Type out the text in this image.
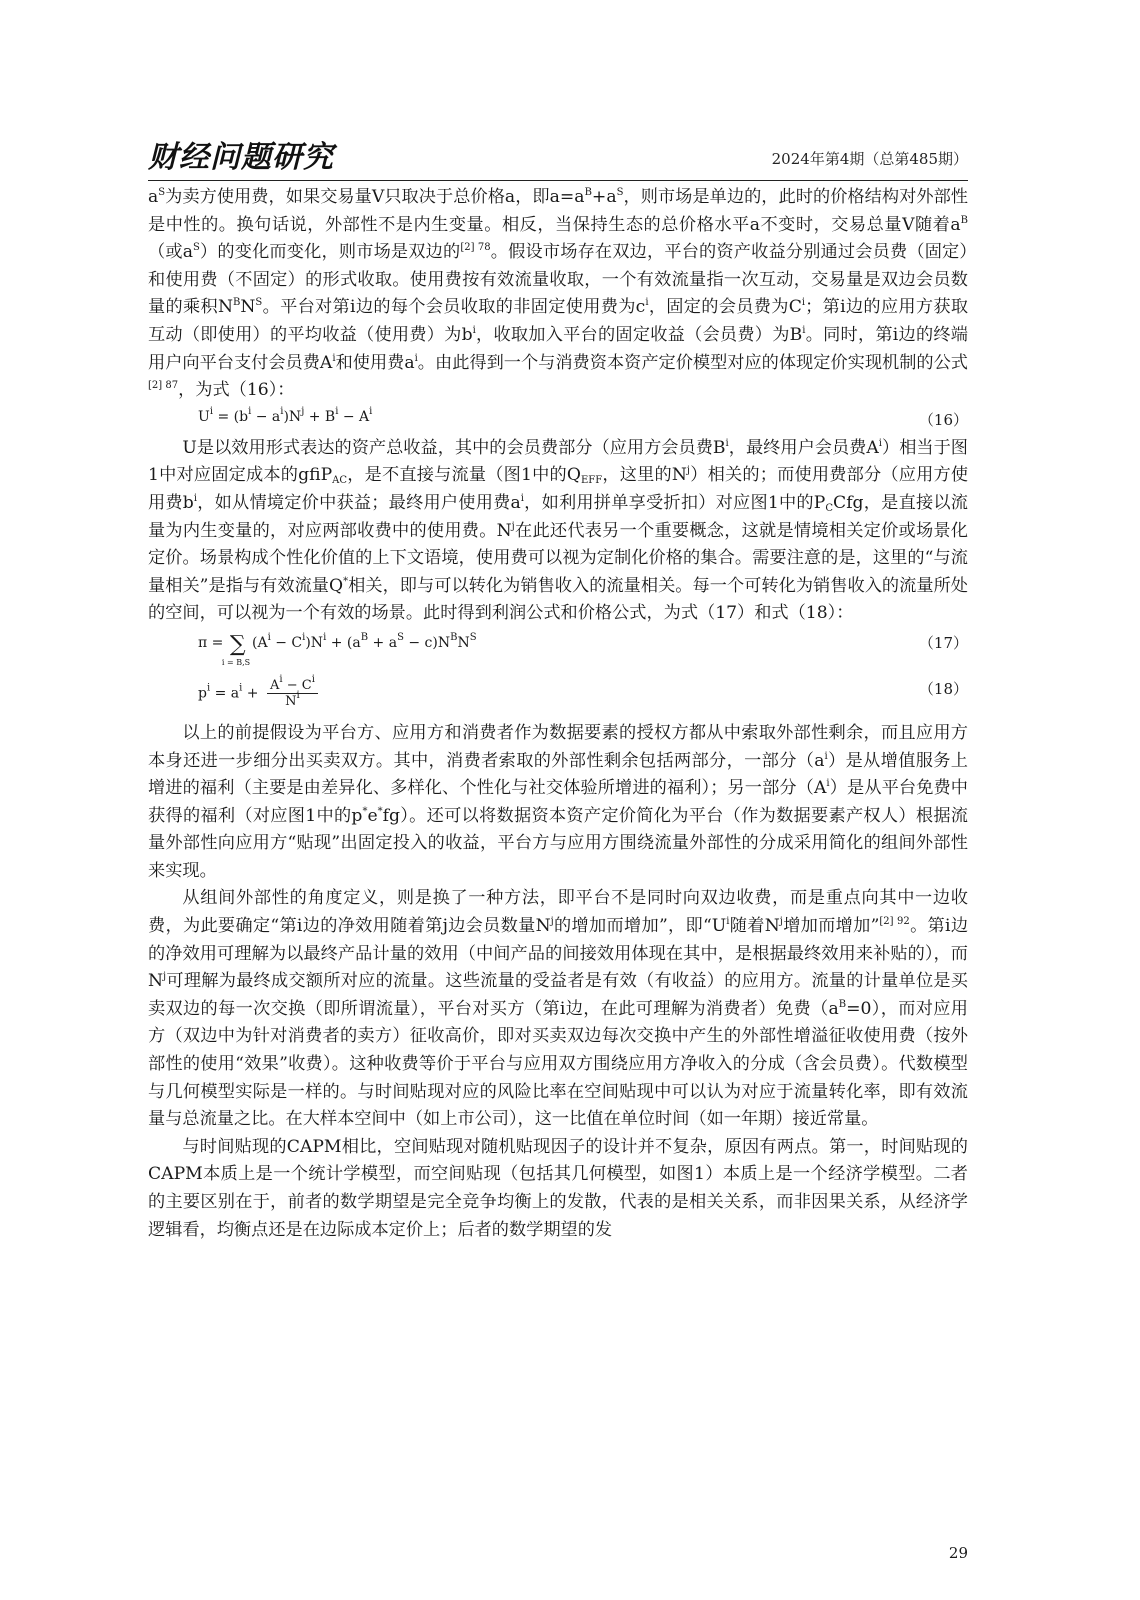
财经问题研究	2024年第4期（总第485期）

$a^S$为卖方使用费，如果交易量V只取决于总价格a，即$a=a^B+a^S$，则市场是单边的，此时的价格结构对外部性是中性的。换句话说，外部性不是内生变量。相反，当保持生态的总价格水平a不变时，交易总量V随着$a^B$（或$a^S$）的变化而变化，则市场是双边的$^{[2] 78}$。假设市场存在双边，平台的资产收益分别通过会员费（固定）和使用费（不固定）的形式收取。使用费按有效流量收取，一个有效流量指一次互动，交易量是双边会员数量的乘积$N^BN^S$。平台对第i边的每个会员收取的非固定使用费为$c^i$，固定的会员费为$C^i$；第i边的应用方获取互动（即使用）的平均收益（使用费）为$b^i$，收取加入平台的固定收益（会员费）为$B^i$。同时，第i边的终端用户向平台支付会员费$A^i$和使用费$a^i$。由此得到一个与消费资本资产定价模型对应的体现定价实现机制的公式$^{[2] 87}$，为式（16）：

$U^i = (b^i - a^i)N^j + B^i - A^i$	（16）

U是以效用形式表达的资产总收益，其中的会员费部分（应用方会员费$B^i$，最终用户会员费$A^i$）相当于图1中对应固定成本的gfiP$_{AC}$，是不直接与流量（图1中的$Q_{EFF}$，这里的$N^j$）相关的；而使用费部分（应用方使用费$b^i$，如从情境定价中获益；最终用户使用费$a^i$，如利用拼单享受折扣）对应图1中的$P_CCfg$，是直接以流量为内生变量的，对应两部收费中的使用费。$N^j$在此还代表另一个重要概念，这就是情境相关定价或场景化定价。场景构成个性化价值的上下文语境，使用费可以视为定制化价格的集合。需要注意的是，这里的“与流量相关”是指与有效流量Q*相关，即与可以转化为销售收入的流量相关。每一个可转化为销售收入的流量所处的空间，可以视为一个有效的场景。此时得到利润公式和价格公式，为式（17）和式（18）：

π = ∑
i = B,S
$(A^i - C^i)N^i + (a^B + a^S - c)N^BN^S$	（17）
$p^i = a^i + \frac{A^i - C^i}{N^i}$	（18）

以上的前提假设为平台方、应用方和消费者作为数据要素的授权方都从中索取外部性剩余，而且应用方本身还进一步细分出买卖双方。其中，消费者索取的外部性剩余包括两部分，一部分$(a^i)$是从增值服务上增进的福利（主要是由差异化、多样化、个性化与社交体验所增进的福利）；另一部分$(A^i)$是从平台免费中获得的福利（对应图1中的p*e*fg）。还可以将数据资本资产定价简化为平台（作为数据要素产权人）根据流量外部性向应用方“贴现”出固定投入的收益，平台方与应用方围绕流量外部性的分成采用简化的组间外部性来实现。

从组间外部性的角度定义，则是换了一种方法，即平台不是同时向双边收费，而是重点向其中一边收费，为此要确定“第i边的净效用随着第j边会员数量$N^j$的增加而增加”，即“$U^i$随着$N^j$增加而增加”$^{[2] 92}$。第i边的净效用可理解为以最终产品计量的效用（中间产品的间接效用体现在其中，是根据最终效用来补贴的），而$N^j$可理解为最终成交额所对应的流量。这些流量的受益者是有效（有收益）的应用方。流量的计量单位是买卖双边的每一次交换（即所谓流量），平台对买方（第i边，在此可理解为消费者）免费$(a^B=0)$，而对应用方（双边中为针对消费者的卖方）征收高价，即对买卖双边每次交换中产生的外部性增溢征收使用费（按外部性的使用“效果”收费）。这种收费等价于平台与应用双方围绕应用方净收入的分成（含会员费）。代数模型与几何模型实际是一样的。与时间贴现对应的风险比率在空间贴现中可以认为对应于流量转化率，即有效流量与总流量之比。在大样本空间中（如上市公司），这一比值在单位时间（如一年期）接近常量。

与时间贴现的CAPM相比，空间贴现对随机贴现因子的设计并不复杂，原因有两点。第一，时间贴现的CAPM本质上是一个统计学模型，而空间贴现（包括其几何模型，如图1）本质上是一个经济学模型。二者的主要区别在于，前者的数学期望是完全竞争均衡上的发散，代表的是相关关系，而非因果关系，从经济学逻辑看，均衡点还是在边际成本定价上；后者的数学期望的发

29
